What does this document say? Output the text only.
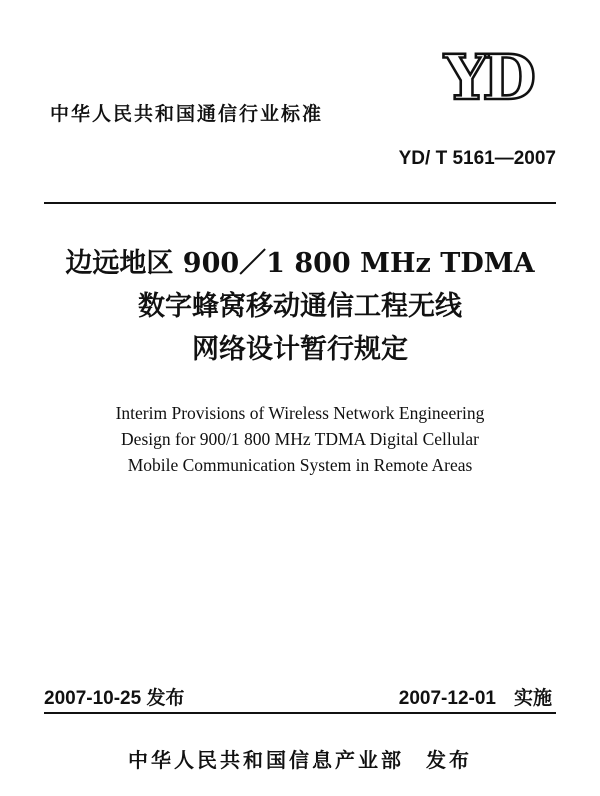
YD
中华人民共和国通信行业标准
YD/ T 5161—2007
边远地区 900／1 800 MHz TDMA
数字蜂窝移动通信工程无线
网络设计暂行规定
Interim Provisions of Wireless Network Engineering
Design for 900/1 800 MHz TDMA Digital Cellular
Mobile Communication System in Remote Areas
2007-10-25 发布	2007-12-01 实施
中华人民共和国信息产业部 发布
